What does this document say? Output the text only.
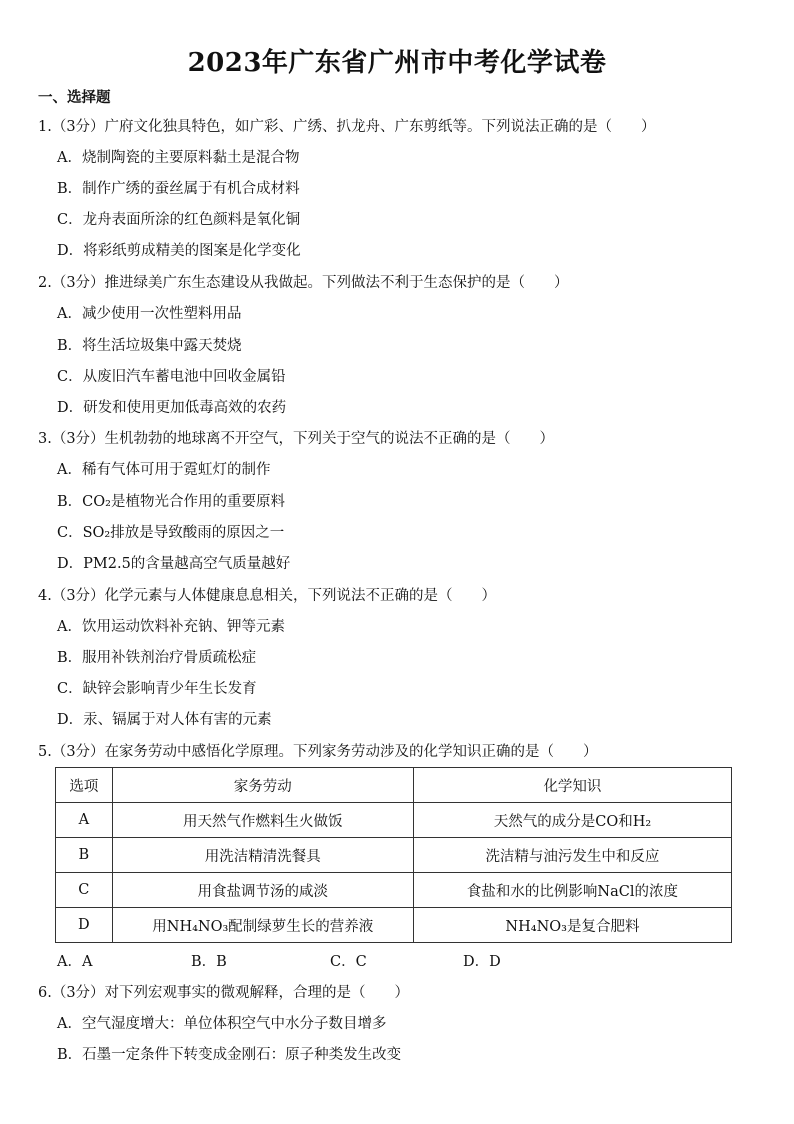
2023年广东省广州市中考化学试卷
一、选择题
1.（3分）广府文化独具特色，如广彩、广绣、扒龙舟、广东剪纸等。下列说法正确的是（　　）
A．烧制陶瓷的主要原料黏土是混合物
B．制作广绣的蚕丝属于有机合成材料
C．龙舟表面所涂的红色颜料是氧化铜
D．将彩纸剪成精美的图案是化学变化
2.（3分）推进绿美广东生态建设从我做起。下列做法不利于生态保护的是（　　）
A．减少使用一次性塑料用品
B．将生活垃圾集中露天焚烧
C．从废旧汽车蓄电池中回收金属铅
D．研发和使用更加低毒高效的农药
3.（3分）生机勃勃的地球离不开空气，下列关于空气的说法不正确的是（　　）
A．稀有气体可用于霓虹灯的制作
B．CO₂是植物光合作用的重要原料
C．SO₂排放是导致酸雨的原因之一
D．PM2.5的含量越高空气质量越好
4.（3分）化学元素与人体健康息息相关，下列说法不正确的是（　　）
A．饮用运动饮料补充钠、钾等元素
B．服用补铁剂治疗骨质疏松症
C．缺锌会影响青少年生长发育
D．汞、镉属于对人体有害的元素
5.（3分）在家务劳动中感悟化学原理。下列家务劳动涉及的化学知识正确的是（　　）
选项	家务劳动	化学知识
A	用天然气作燃料生火做饭	天然气的成分是CO和H₂
B	用洗洁精清洗餐具	洗洁精与油污发生中和反应
C	用食盐调节汤的咸淡	食盐和水的比例影响NaCl的浓度
D	用NH₄NO₃配制绿萝生长的营养液	NH₄NO₃是复合肥料
A．A	B．B	C．C	D．D
6.（3分）对下列宏观事实的微观解释，合理的是（　　）
A．空气湿度增大：单位体积空气中水分子数目增多
B．石墨一定条件下转变成金刚石：原子种类发生改变
